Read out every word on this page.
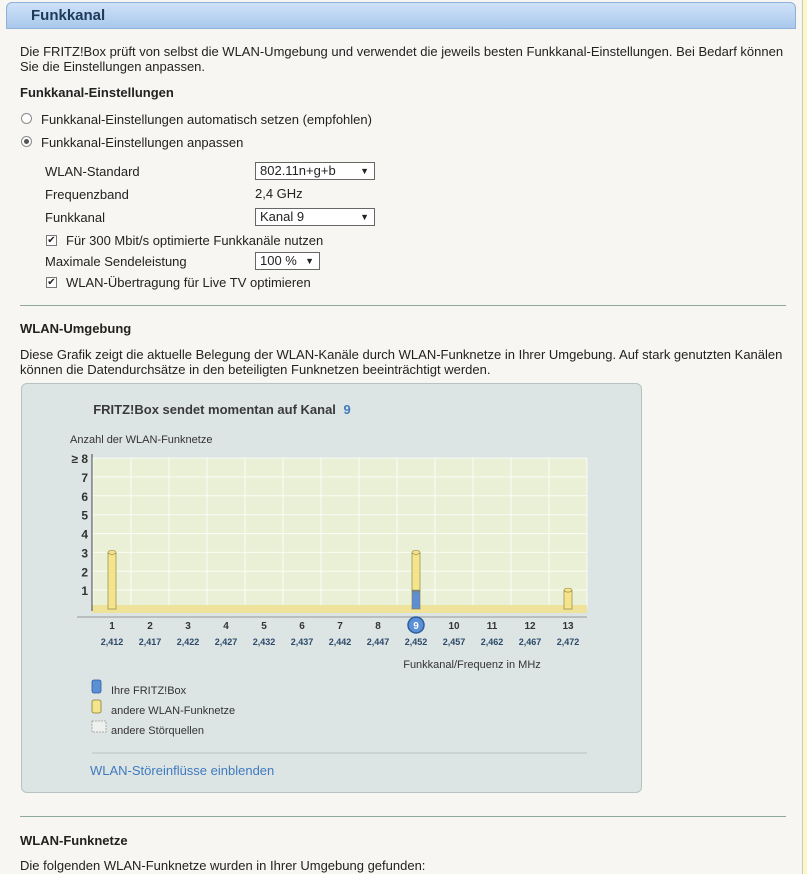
Funkkanal
Die FRITZ!Box prüft von selbst die WLAN-Umgebung und verwendet die jeweils besten Funkkanal-Einstellungen. Bei Bedarf können Sie die Einstellungen anpassen.
Funkkanal-Einstellungen
Funkkanal-Einstellungen automatisch setzen (empfohlen)
Funkkanal-Einstellungen anpassen
WLAN-Standard	802.11n+g+b	▼
Frequenzband	2,4 GHz
Funkkanal	Kanal 9	▼
✔ Für 300 Mbit/s optimierte Funkkanäle nutzen
Maximale Sendeleistung	100 % ▼
✔ WLAN-Übertragung für Live TV optimieren
WLAN-Umgebung
Diese Grafik zeigt die aktuelle Belegung der WLAN-Kanäle durch WLAN-Funknetze in Ihrer Umgebung. Auf stark genutzten Kanälen können die Datendurchsätze in den beteiligten Funknetzen beeinträchtigt werden.
FRITZ!Box sendet momentan auf Kanal 9
Anzahl der WLAN-Funknetze
Funkkanal/Frequenz in MHz
1
2
3
4
5
6
7
≥ 8
1
2,412
2
2,417
3
2,422
4
2,427
5
2,432
6
2,437
7
2,442
8
2,447
9
2,452
10
2,457
11
2,462
12
2,467
13
2,472
Ihre FRITZ!Box
andere WLAN-Funknetze
andere Störquellen
WLAN-Störeinflüsse einblenden
WLAN-Funknetze
Die folgenden WLAN-Funknetze wurden in Ihrer Umgebung gefunden:
